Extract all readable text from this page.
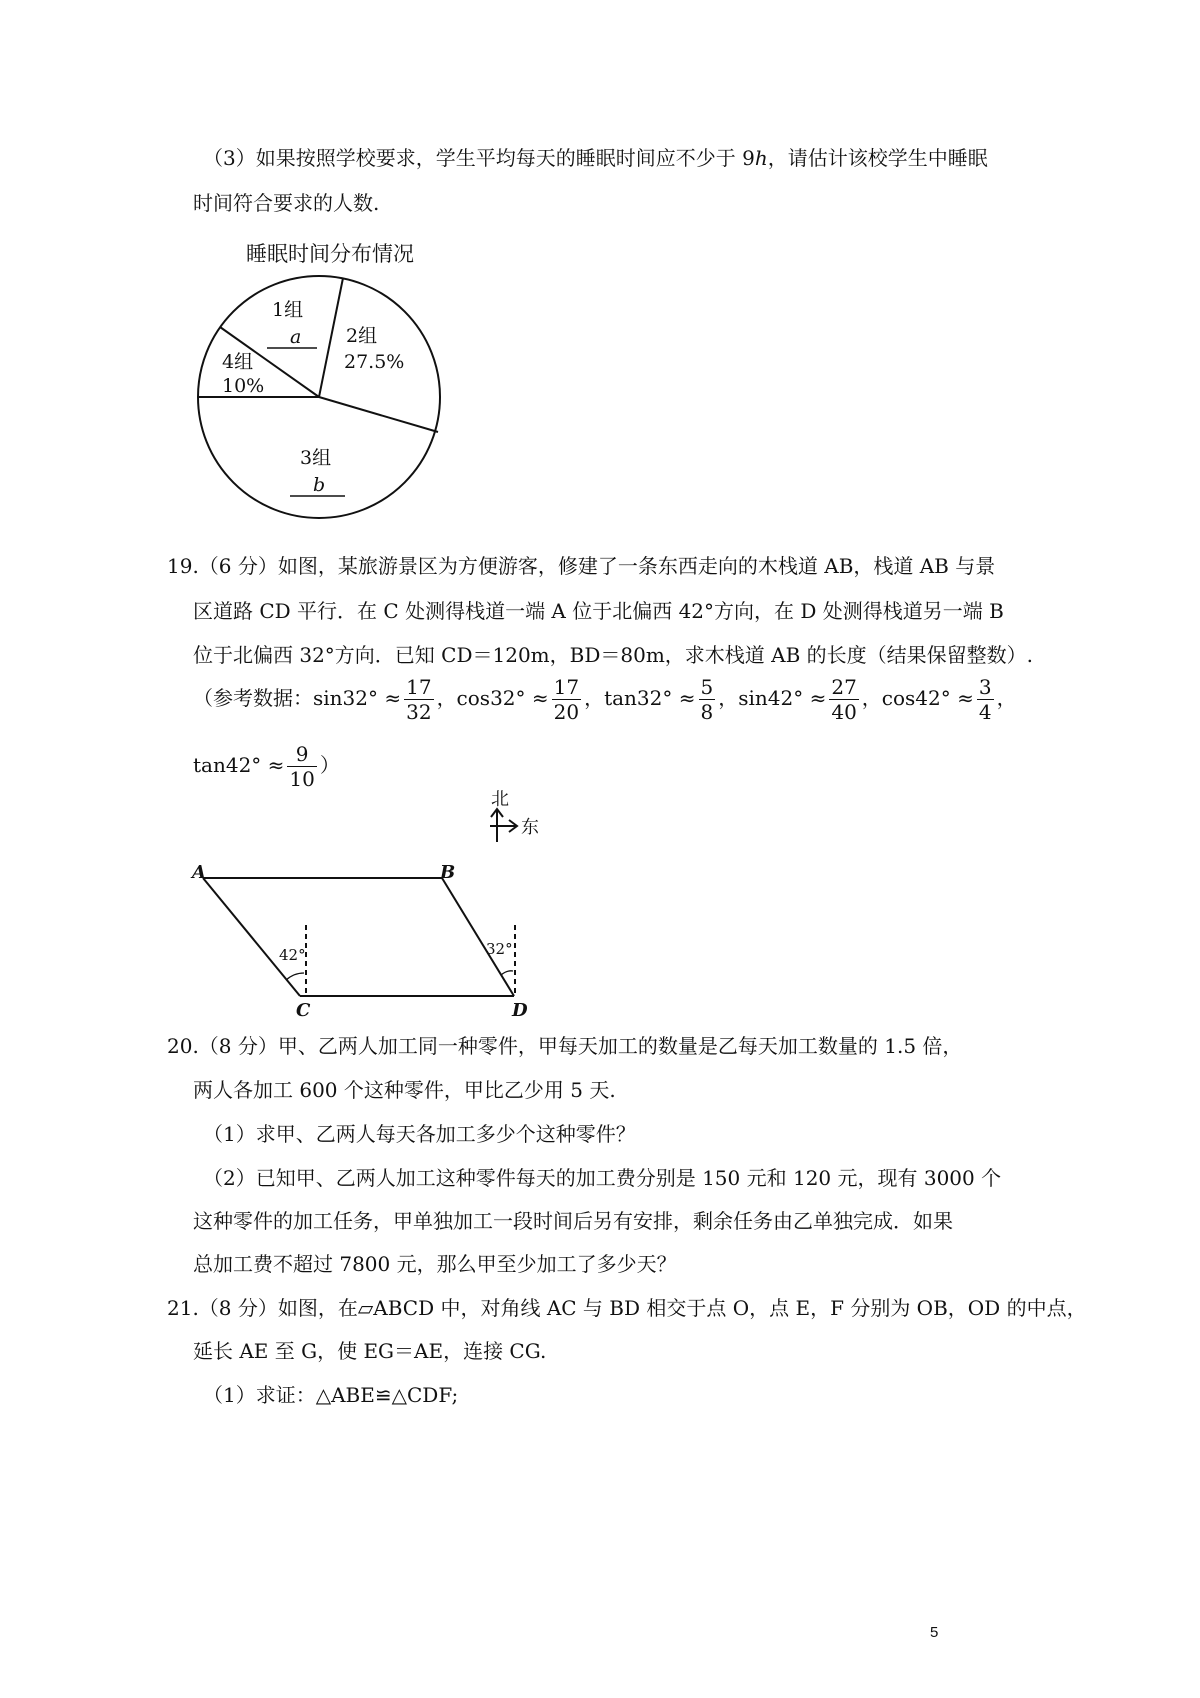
（3）如果按照学校要求，学生平均每天的睡眠时间应不少于 9h，请估计该校学生中睡眠
时间符合要求的人数.
睡眠时间分布情况
1组
a 2组
27.5%
4组
10%
3组
b
19.（6 分）如图，某旅游景区为方便游客，修建了一条东西走向的木栈道 AB，栈道 AB 与景
区道路 CD 平行．在 C 处测得栈道一端 A 位于北偏西 42°方向，在 D 处测得栈道另一端 B
位于北偏西 32°方向．已知 CD＝120m，BD＝80m，求木栈道 AB 的长度（结果保留整数）.
（参考数据：$\sin 32^\circ \approx \frac{17}{32}$ ，$\cos 32^\circ \approx \frac{17}{20}$ ，$\tan 32^\circ \approx \frac{5}{8}$ ，$\sin 42^\circ \approx \frac{27}{40}$ ，$\cos 42^\circ \approx \frac{3}{4}$ ，
$\tan 42^\circ \approx \frac{9}{10}$ ）
北
东
A	B
C	D
42°	32°
20.（8 分）甲、乙两人加工同一种零件，甲每天加工的数量是乙每天加工数量的 1.5 倍，
两人各加工 600 个这种零件，甲比乙少用 5 天.
（1）求甲、乙两人每天各加工多少个这种零件？
（2）已知甲、乙两人加工这种零件每天的加工费分别是 150 元和 120 元，现有 3000 个
这种零件的加工任务，甲单独加工一段时间后另有安排，剩余任务由乙单独完成．如果
总加工费不超过 7800 元，那么甲至少加工了多少天？
21.（8 分）如图，在▱ABCD 中，对角线 AC 与 BD 相交于点 O，点 E，F 分别为 OB，OD 的中点，
延长 AE 至 G，使 EG＝AE，连接 CG.
（1）求证：△ABE≌△CDF;
5
